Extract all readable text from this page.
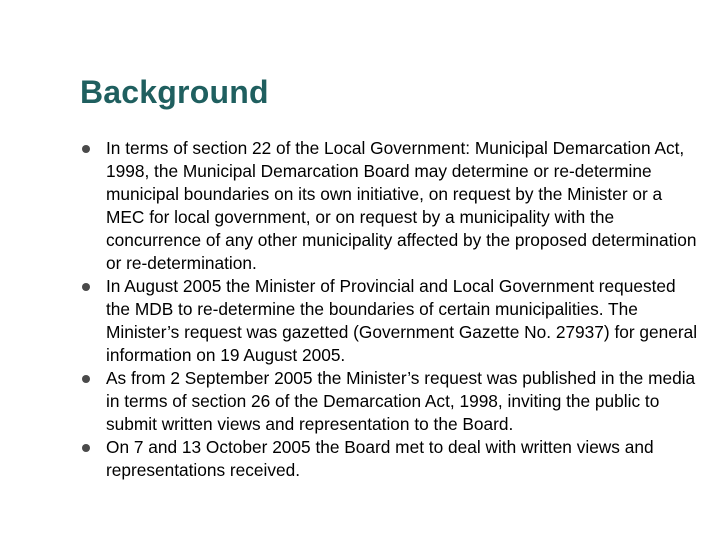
Background
In terms of section 22 of the Local Government: Municipal Demarcation Act, 1998, the Municipal Demarcation Board may determine or re-determine municipal boundaries on its own initiative, on request by the Minister or a MEC for local government, or on request by a municipality with the concurrence of any other municipality affected by the proposed determination or re-determination.
In August 2005 the Minister of Provincial and Local Government requested the MDB to re-determine the boundaries of certain municipalities. The Minister’s request was gazetted (Government Gazette No. 27937) for general information on 19 August 2005.
As from 2 September 2005 the Minister’s request was published in the media in terms of section 26 of the Demarcation Act, 1998, inviting the public to submit written views and representation to the Board.
On 7 and 13 October 2005 the Board met to deal with written views and representations received.
